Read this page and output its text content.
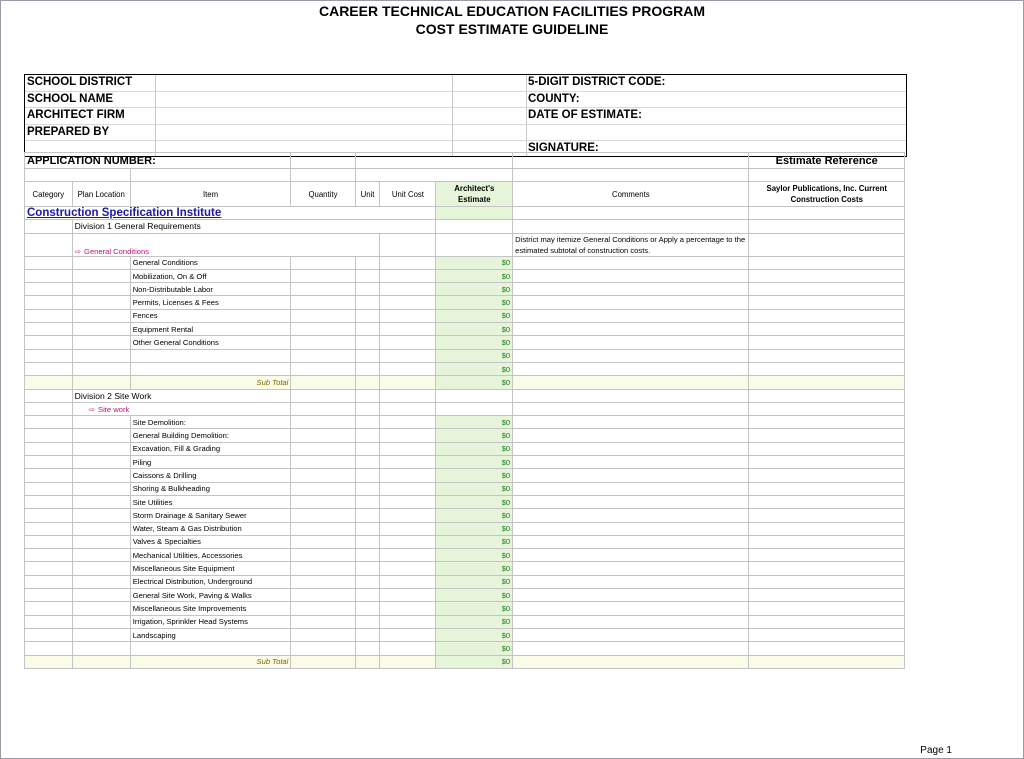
CAREER TECHNICAL EDUCATION FACILITIES PROGRAM
COST ESTIMATE GUIDELINE
SCHOOL DISTRICT	5-DIGIT DISTRICT CODE:
SCHOOL NAME	COUNTY:
ARCHITECT FIRM	DATE OF ESTIMATE:
PREPARED BY
SIGNATURE:
APPLICATION NUMBER:								Estimate Reference

Category	Plan Location	Item	Quantity	Unit	Unit Cost	Architect's Estimate	Comments	Saylor Publications, Inc. Current Construction Costs
Construction Specification Institute								
	Division 1 General Requirements							
	⇨ General Conditions						District may itemize General Conditions or Apply a percentage to the estimated subtotal of construction costs.	
		General Conditions				$0		
		Mobilization, On & Off				$0		
		Non-Distributable Labor				$0		
		Permits, Licenses & Fees				$0		
		Fences				$0		
		Equipment Rental				$0		
		Other General Conditions				$0		
						$0		
						$0		
		Sub Total				$0		
	Division 2 Site Work							
	⇨ Site work							
		Site Demolition:				$0		
		General Building Demolition:				$0		
		Excavation, Fill & Grading				$0		
		Piling				$0		
		Caissons & Drilling				$0		
		Shoring & Bulkheading				$0		
		Site Utilities				$0		
		Storm Drainage & Sanitary Sewer				$0		
		Water, Steam & Gas Distribution				$0		
		Valves & Specialties				$0		
		Mechanical Utilities, Accessories				$0		
		Miscellaneous Site Equipment				$0		
		Electrical Distribution, Underground				$0		
		General Site Work, Paving & Walks				$0		
		Miscellaneous Site Improvements				$0		
		Irrigation, Sprinkler Head Systems				$0		
		Landscaping				$0		
						$0		
		Sub Total				$0		
Page 1
